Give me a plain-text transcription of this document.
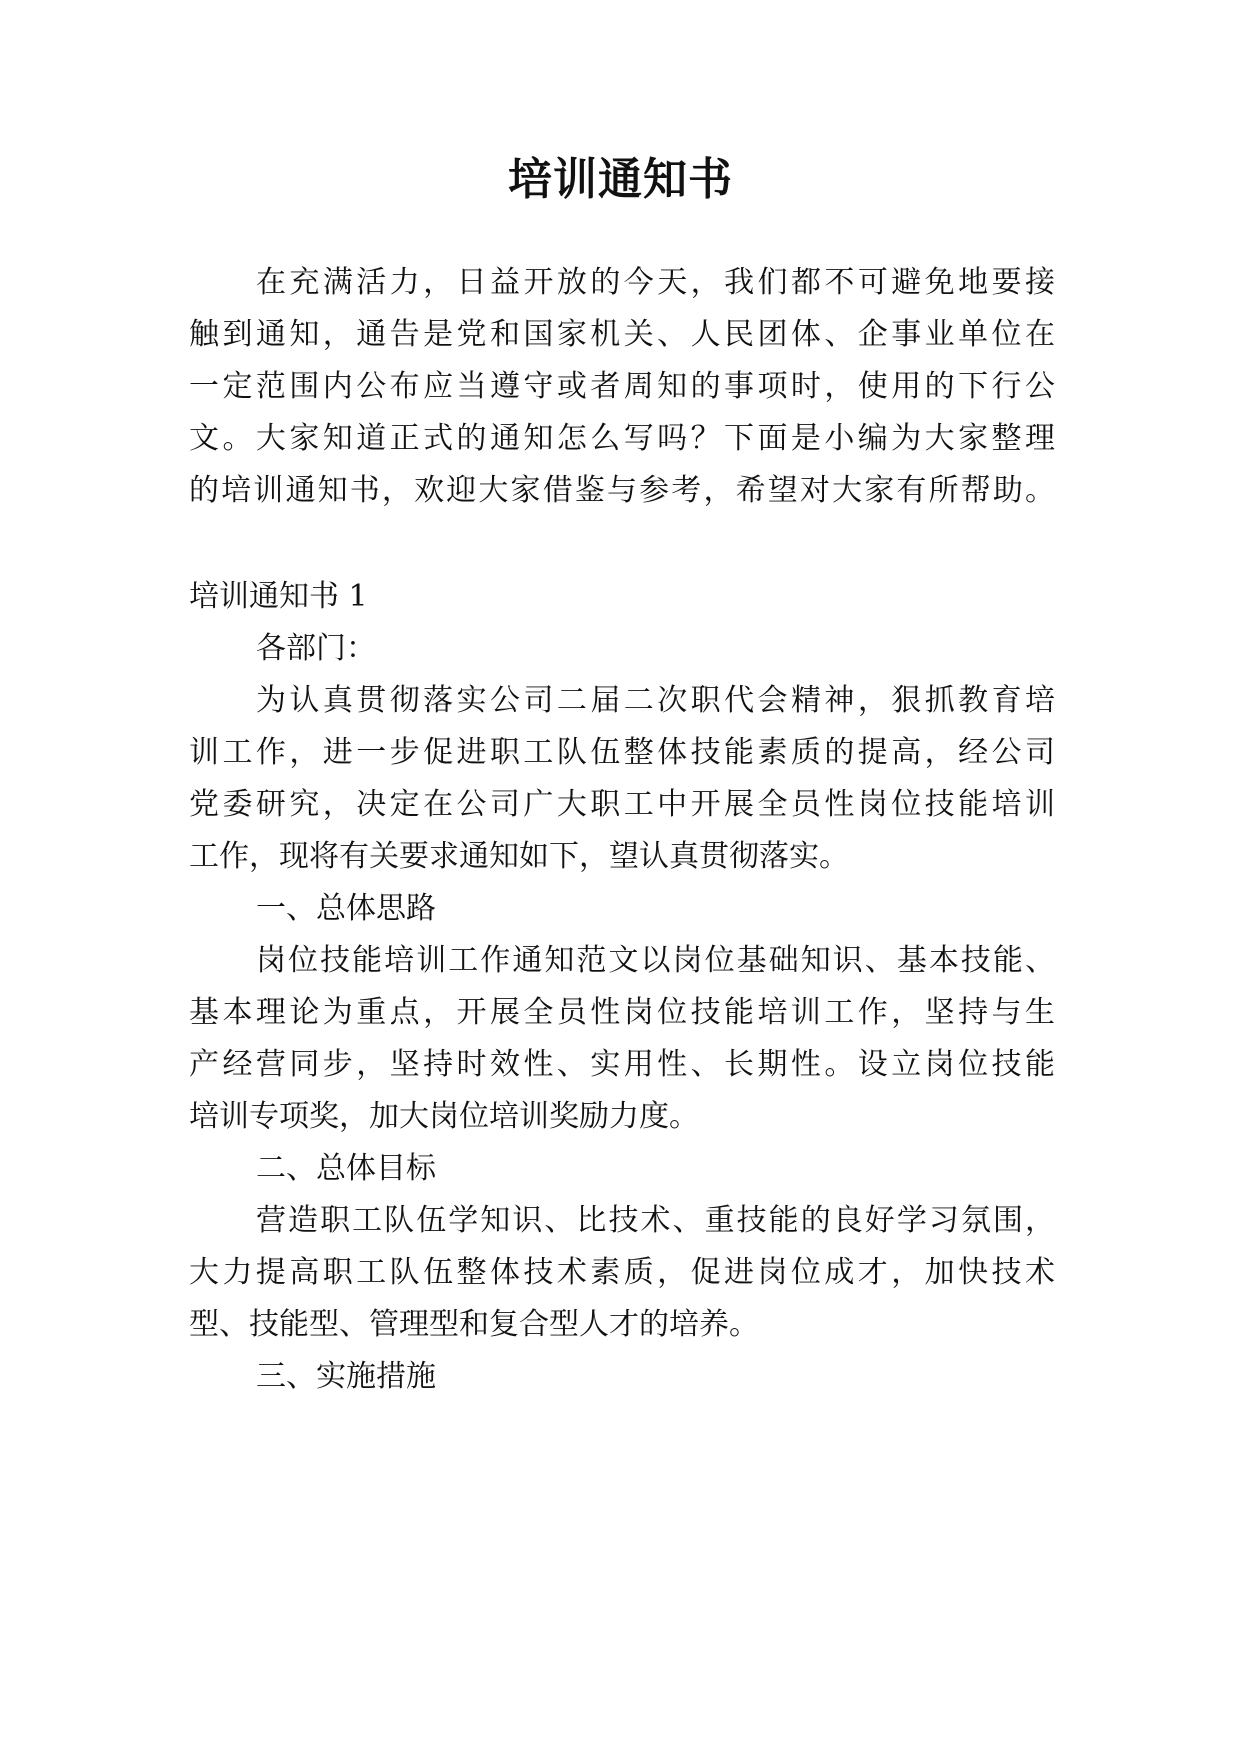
培训通知书
在充满活力，日益开放的今天，我们都不可避免地要接
触到通知，通告是党和国家机关、人民团体、企事业单位在
一定范围内公布应当遵守或者周知的事项时，使用的下行公
文。大家知道正式的通知怎么写吗？下面是小编为大家整理
的培训通知书，欢迎大家借鉴与参考，希望对大家有所帮助。
培训通知书 1
各部门：
为认真贯彻落实公司二届二次职代会精神，狠抓教育培
训工作，进一步促进职工队伍整体技能素质的提高，经公司
党委研究，决定在公司广大职工中开展全员性岗位技能培训
工作，现将有关要求通知如下，望认真贯彻落实。
一、总体思路
岗位技能培训工作通知范文以岗位基础知识、基本技能、
基本理论为重点，开展全员性岗位技能培训工作，坚持与生
产经营同步，坚持时效性、实用性、长期性。设立岗位技能
培训专项奖，加大岗位培训奖励力度。
二、总体目标
营造职工队伍学知识、比技术、重技能的良好学习氛围，
大力提高职工队伍整体技术素质，促进岗位成才，加快技术
型、技能型、管理型和复合型人才的培养。
三、实施措施
